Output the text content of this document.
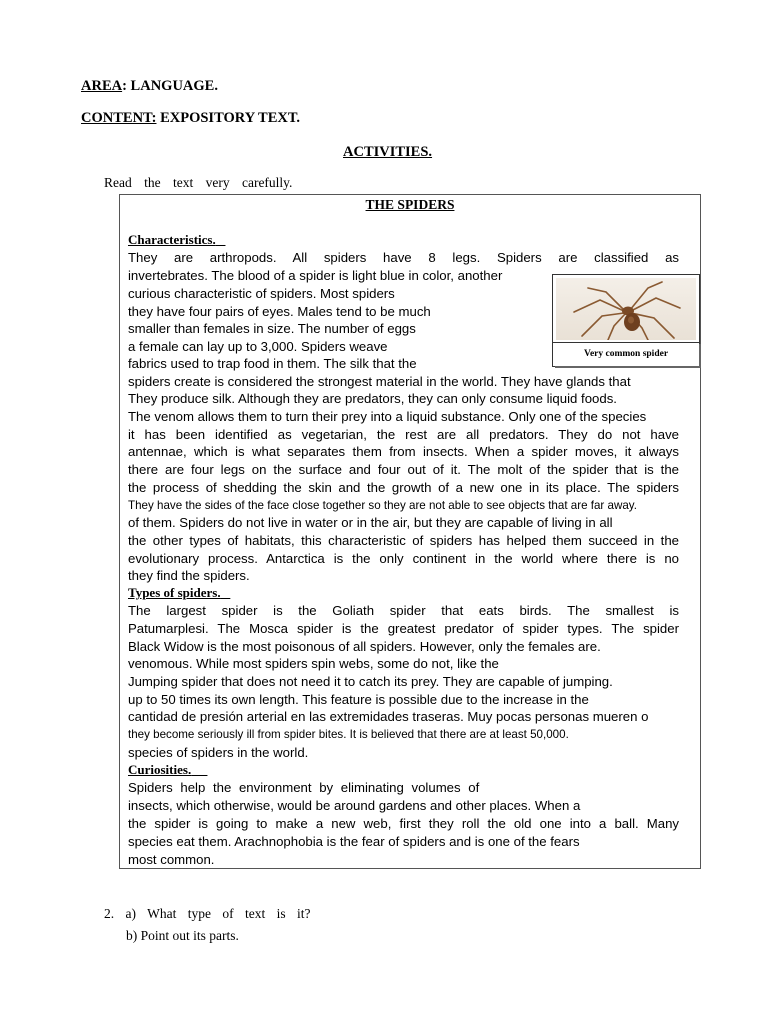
AREA: LANGUAGE.
CONTENT: EXPOSITORY TEXT.
ACTIVITIES.
Read the text very carefully.
THE SPIDERS
Characteristics.
They are arthropods. All spiders have 8 legs. Spiders are classified as
invertebrates. The blood of a spider is light blue in color, another
curious characteristic of spiders. Most spiders
they have four pairs of eyes. Males tend to be much
smaller than females in size. The number of eggs
a female can lay up to 3,000. Spiders weave
fabrics used to trap food in them. The silk that the
spiders create is considered the strongest material in the world. They have glands that
They produce silk. Although they are predators, they can only consume liquid foods.
The venom allows them to turn their prey into a liquid substance. Only one of the species
it has been identified as vegetarian, the rest are all predators. They do not have
antennae, which is what separates them from insects. When a spider moves, it always
there are four legs on the surface and four out of it. The molt of the spider that is the
the process of shedding the skin and the growth of a new one in its place. The spiders
They have the sides of the face close together so they are not able to see objects that are far away.
of them. Spiders do not live in water or in the air, but they are capable of living in all
the other types of habitats, this characteristic of spiders has helped them succeed in the
evolutionary process. Antarctica is the only continent in the world where there is no
they find the spiders.
Types of spiders.
The largest spider is the Goliath spider that eats birds. The smallest is
Patumarplesi. The Mosca spider is the greatest predator of spider types. The spider
Black Widow is the most poisonous of all spiders. However, only the females are.
venomous. While most spiders spin webs, some do not, like the
Jumping spider that does not need it to catch its prey. They are capable of jumping.
up to 50 times its own length. This feature is possible due to the increase in the
cantidad de presión arterial en las extremidades traseras. Muy pocas personas mueren o
they become seriously ill from spider bites. It is believed that there are at least 50,000.
species of spiders in the world.
Curiosities.
Spiders help the environment by eliminating volumes of
insects, which otherwise, would be around gardens and other places. When a
the spider is going to make a new web, first they roll the old one into a ball. Many
species eat them. Arachnophobia is the fear of spiders and is one of the fears
most common.
Very common spider
2. a) What type of text is it?
b) Point out its parts.
